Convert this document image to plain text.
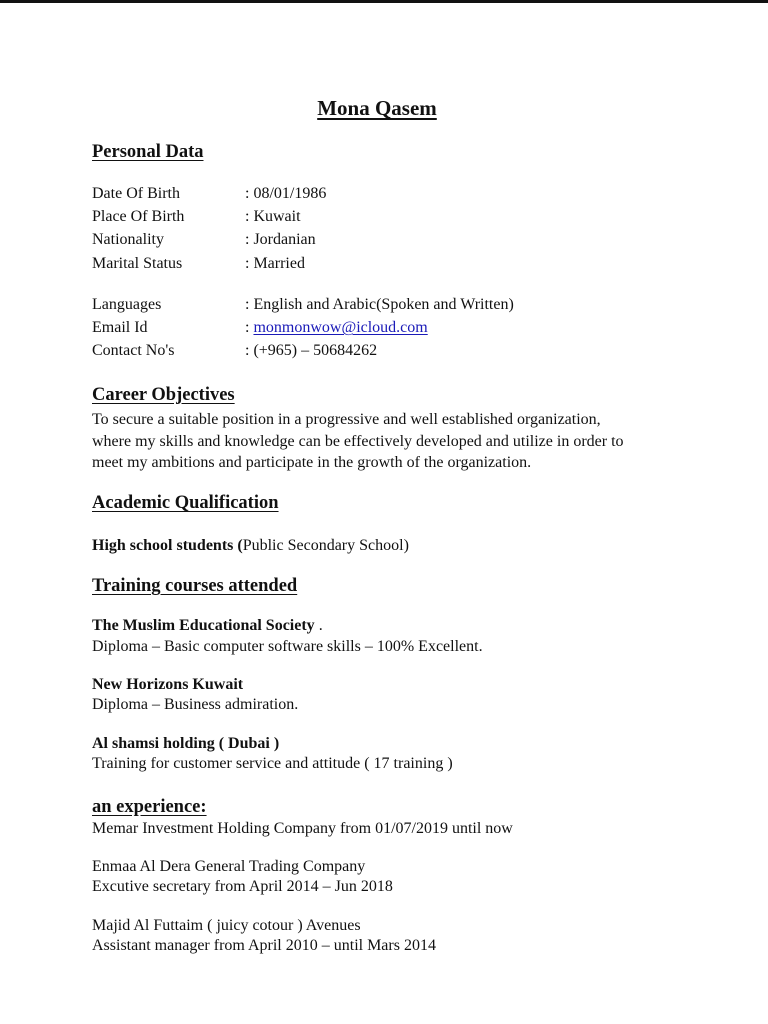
Mona Qasem
Personal Data
Date Of Birth	: 08/01/1986
Place Of Birth	: Kuwait
Nationality	: Jordanian
Marital Status	: Married
Languages	: English and Arabic(Spoken and Written)
Email Id	: monmonwow@icloud.com
Contact No's	: (+965) – 50684262
Career Objectives
To secure a suitable position in a progressive and well established organization,
where my skills and knowledge can be effectively developed and utilize in order to
meet my ambitions and participate in the growth of the organization.
Academic Qualification
High school students (Public Secondary School)
Training courses attended
The Muslim Educational Society .
Diploma – Basic computer software skills – 100% Excellent.
New Horizons Kuwait
Diploma – Business admiration.
Al shamsi holding ( Dubai )
Training for customer service and attitude ( 17 training )
an experience:
Memar Investment Holding Company from 01/07/2019 until now
Enmaa Al Dera General Trading Company
Excutive secretary from April 2014 – Jun 2018
Majid Al Futtaim ( juicy cotour ) Avenues
Assistant manager from April 2010 – until Mars 2014
